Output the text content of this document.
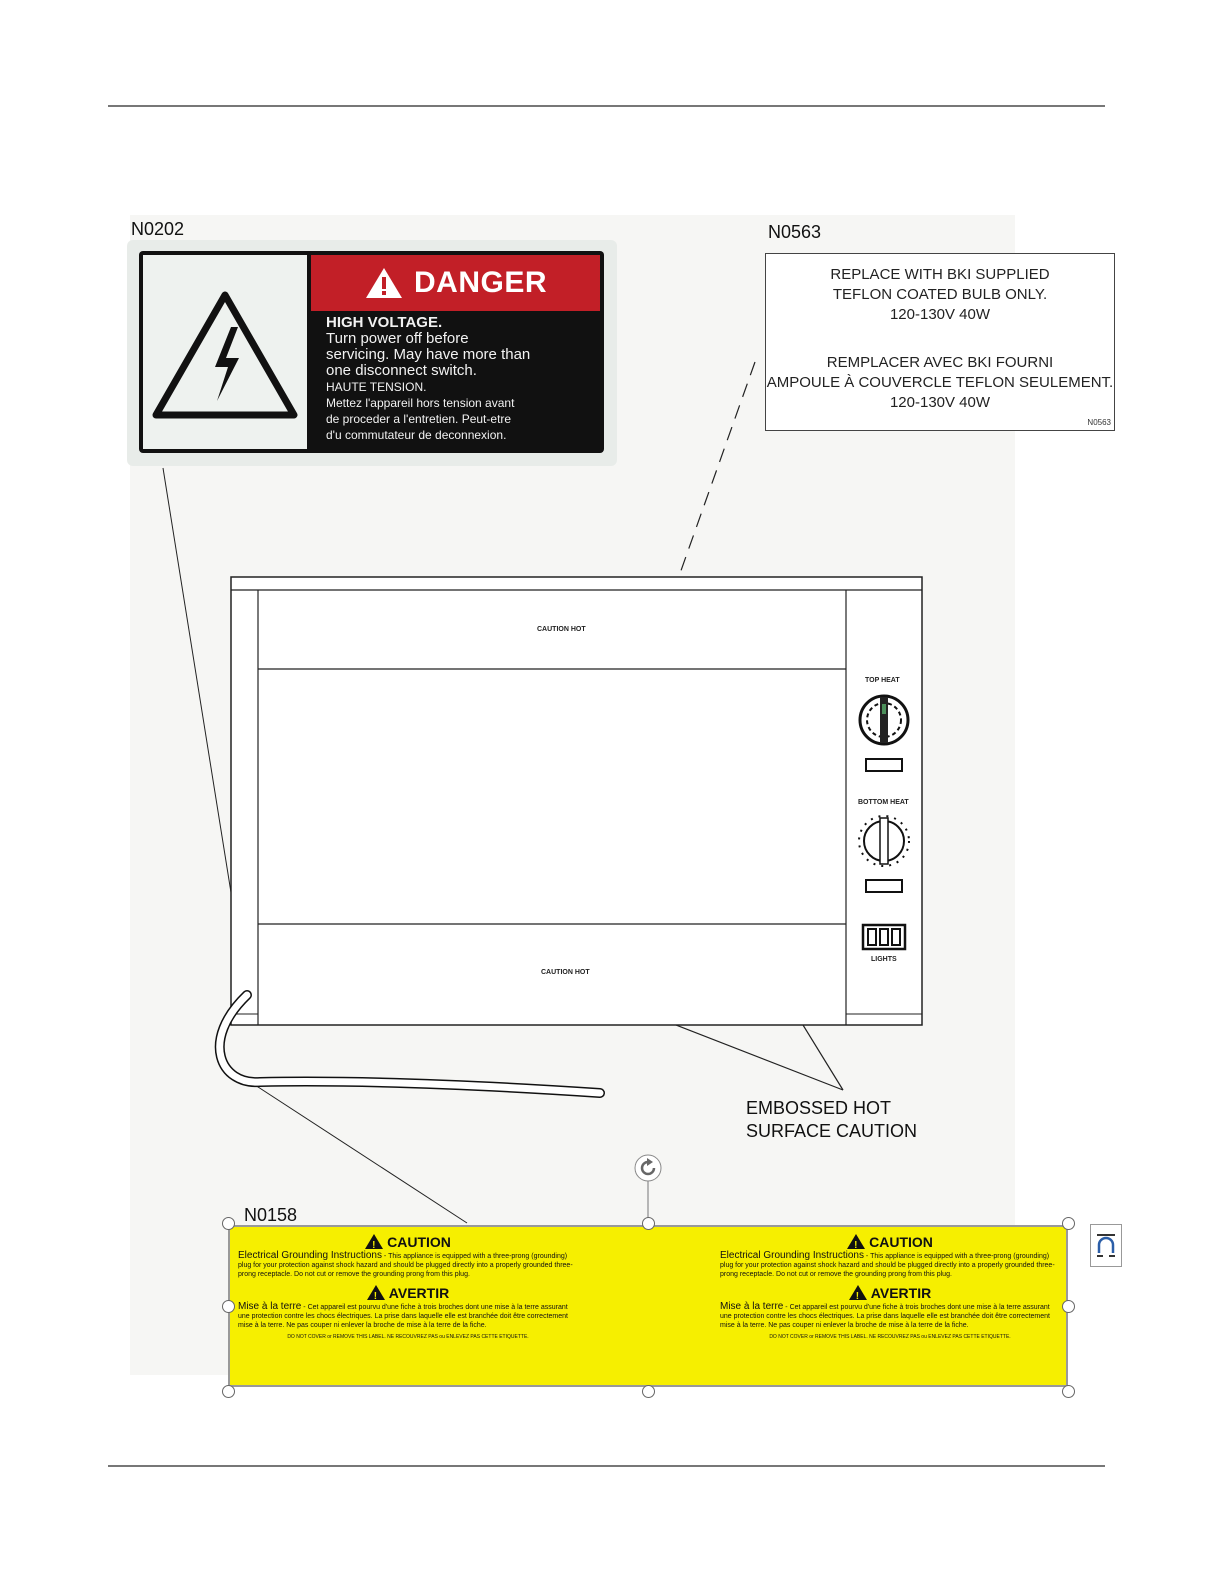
N0202	N0563
N0158
DANGER
HIGH VOLTAGE.
Turn power off before
servicing. May have more than
one disconnect switch.
HAUTE TENSION.
Mettez l'appareil hors tension avant
de proceder a l'entretien. Peut-etre
d'u commutateur de deconnexion.
REPLACE WITH BKI SUPPLIED
TEFLON COATED BULB ONLY.
120-130V 40W
REMPLACER AVEC BKI FOURNI
AMPOULE À COUVERCLE TEFLON SEULEMENT.
120-130V 40W
N0563
CAUTION HOT
CAUTION HOT
TOP HEAT
BOTTOM HEAT
LIGHTS
EMBOSSED HOT
SURFACE CAUTION
!CAUTION
Electrical Grounding Instructions - This appliance is equipped with a three-prong (grounding) plug for your protection against shock hazard and should be plugged directly into a properly grounded three-prong receptacle. Do not cut or remove the grounding prong from this plug.
!AVERTIR
Mise à la terre - Cet appareil est pourvu d'une fiche à trois broches dont une mise à la terre assurant une protection contre les chocs électriques. La prise dans laquelle elle est branchée doit être correctement mise à la terre. Ne pas couper ni enlever la broche de mise à la terre de la fiche.
DO NOT COVER or REMOVE THIS LABEL. NE RECOUVREZ PAS ou ENLEVEZ PAS CETTE ETIQUETTE.
!CAUTION
Electrical Grounding Instructions - This appliance is equipped with a three-prong (grounding) plug for your protection against shock hazard and should be plugged directly into a properly grounded three-prong receptacle. Do not cut or remove the grounding prong from this plug.
!AVERTIR
Mise à la terre - Cet appareil est pourvu d'une fiche à trois broches dont une mise à la terre assurant une protection contre les chocs électriques. La prise dans laquelle elle est branchée doit être correctement mise à la terre. Ne pas couper ni enlever la broche de mise à la terre de la fiche.
DO NOT COVER or REMOVE THIS LABEL. NE RECOUVREZ PAS ou ENLEVEZ PAS CETTE ETIQUETTE.
